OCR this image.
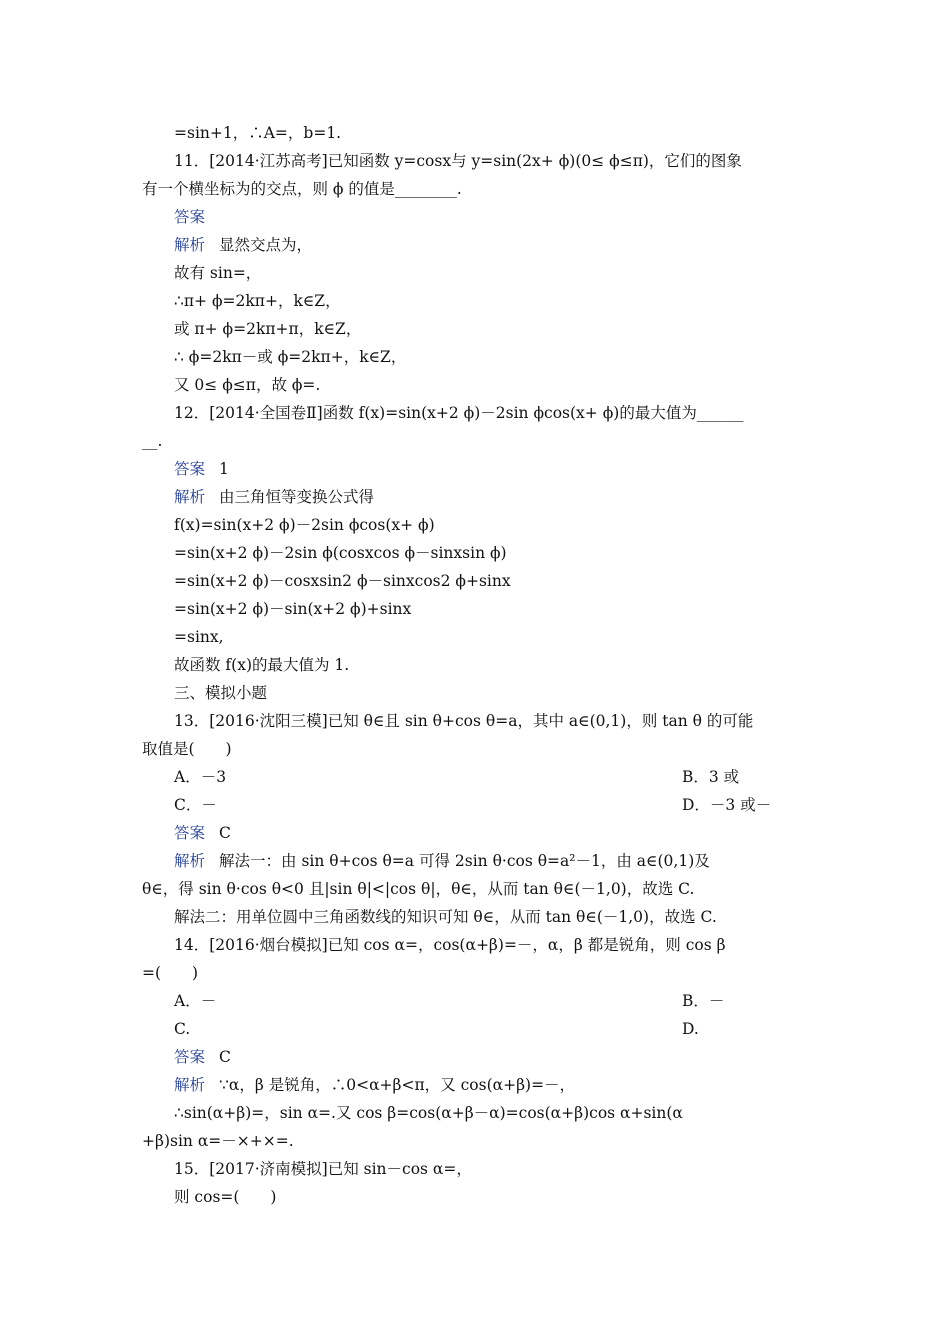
=sin+1，∴A=，b=1.
11．[2014·江苏高考]已知函数 y=cosx与 y=sin(2x+ ϕ)(0≤ ϕ≤π)，它们的图象
有一个横坐标为的交点，则 ϕ 的值是________.
答案
解析 显然交点为，
故有 sin=，
∴π+ ϕ=2kπ+，k∈Z，
或 π+ ϕ=2kπ+π，k∈Z，
∴ ϕ=2kπ－或 ϕ=2kπ+，k∈Z，
又 0≤ ϕ≤π，故 ϕ=.
12．[2014·全国卷Ⅱ]函数 f(x)=sin(x+2 ϕ)－2sin ϕcos(x+ ϕ)的最大值为______
__.
答案 1
解析 由三角恒等变换公式得
f(x)=sin(x+2 ϕ)－2sin ϕcos(x+ ϕ)
=sin(x+2 ϕ)－2sin ϕ(cosxcos ϕ－sinxsin ϕ)
=sin(x+2 ϕ)－cosxsin2 ϕ－sinxcos2 ϕ+sinx
=sin(x+2 ϕ)－sin(x+2 ϕ)+sinx
=sinx,
故函数 f(x)的最大值为 1.
三、模拟小题
13．[2016·沈阳三模]已知 θ∈且 sin θ+cos θ=a，其中 a∈(0,1)，则 tan θ 的可能
取值是(　　)
A．－3	B．3 或
C．－	D．－3 或－
答案 C
解析 解法一：由 sin θ+cos θ=a 可得 2sin θ·cos θ=a²－1，由 a∈(0,1)及
θ∈，得 sin θ·cos θ<0 且|sin θ|<|cos θ|，θ∈，从而 tan θ∈(－1,0)，故选 C.
解法二：用单位圆中三角函数线的知识可知 θ∈，从而 tan θ∈(－1,0)，故选 C.
14．[2016·烟台模拟]已知 cos α=，cos(α+β)=－，α，β 都是锐角，则 cos β
=(　　)
A．－	B．－
C.	D.
答案 C
解析 ∵α，β 是锐角，∴0<α+β<π，又 cos(α+β)=－，
∴sin(α+β)=，sin α=.又 cos β=cos(α+β－α)=cos(α+β)cos α+sin(α
+β)sin α=－×+×=.
15．[2017·济南模拟]已知 sin－cos α=，
则 cos=(　　)
